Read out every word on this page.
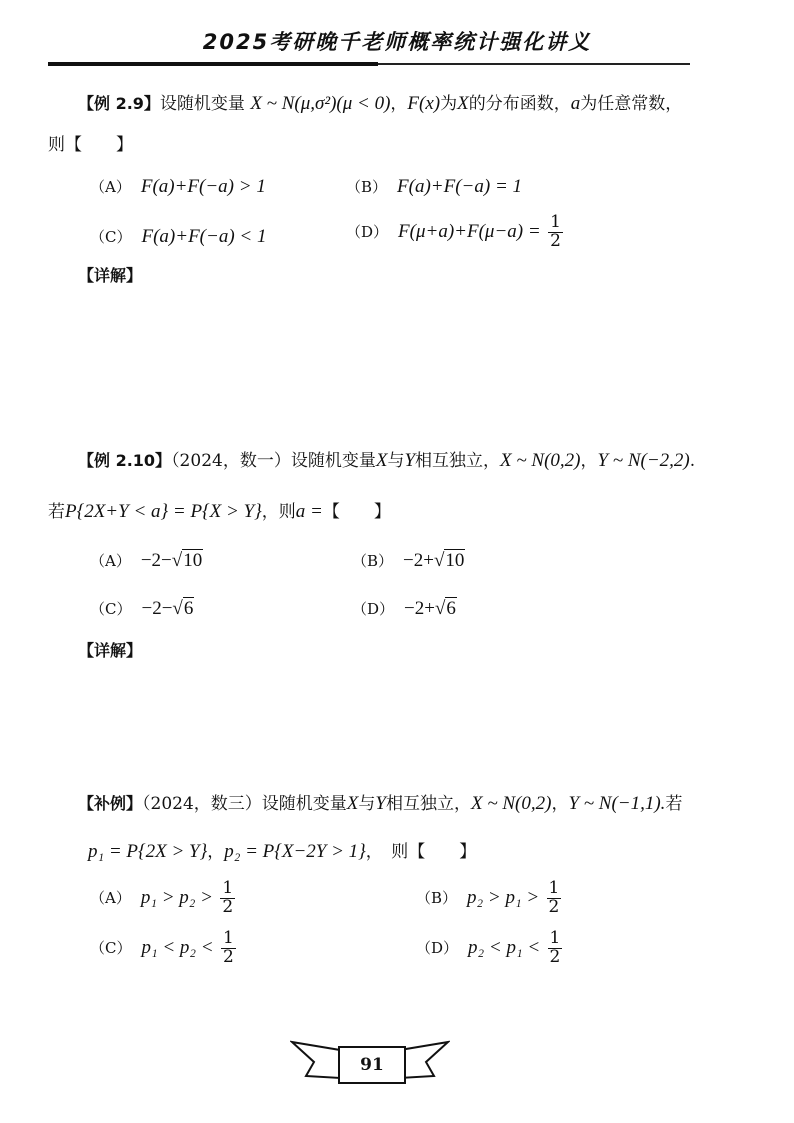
2025考研晚千老师概率统计强化讲义
【例 2.9】设随机变量 X ~ N(μ,σ²)(μ < 0)，F(x)为X的分布函数，a为任意常数，
则【　　】
（A） F(a)+F(−a) > 1	（B） F(a)+F(−a) = 1
（C） F(a)+F(−a) < 1	（D） $F(\mu+a)+F(\mu-a) = \frac{1}{2}$
【详解】
【例 2.10】（2024，数一）设随机变量X与Y相互独立，X ~ N(0,2)，Y ~ N(−2,2).
若P{2X+Y < a} = P{X > Y}，则a =【　　】
（A） −2−√10	（B） −2+√10
（C） −2−√6	（D） −2+√6
【详解】
【补例】（2024，数三）设随机变量X与Y相互独立，X ~ N(0,2)，Y ~ N(−1,1).若
p₁ = P{2X > Y}，p₂ = P{X−2Y > 1}，　则【　　】
（A） $p_1 > p_2 > \frac{1}{2}$	（B） $p_2 > p_1 > \frac{1}{2}$
（C） $p_1 < p_2 < \frac{1}{2}$	（D） $p_2 < p_1 < \frac{1}{2}$
91
